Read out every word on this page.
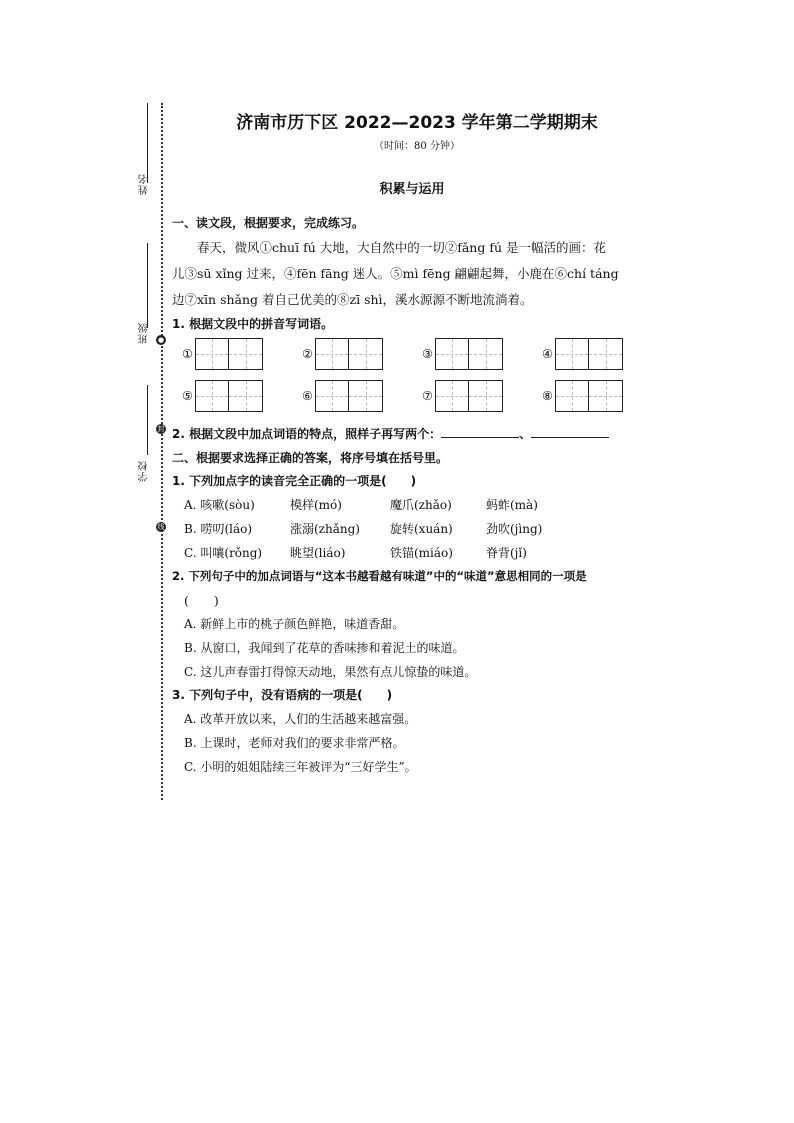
姓名
班级
学校
●
封
线
济南市历下区 2022—2023 学年第二学期期末
（时间：80 分钟）
积累与运用
一、读文段，根据要求，完成练习。
　　春天，微风①chuī fú 大地，大自然中的一切②fǎng fú 是一幅活的画：花
儿③sū xǐng 过来，④fēn fāng 迷人。⑤mì fēng 翩翩起舞，小鹿在⑥chí táng
边⑦xīn shǎng 着自己优美的⑧zī shì，溪水源源不断地流淌着。
1. 根据文段中的拼音写词语。
①	②	③	④
⑤	⑥	⑦	⑧
2. 根据文段中加点词语的特点，照样子再写两个：	、
二、根据要求选择正确的答案，将序号填在括号里。
1. 下列加点字的读音完全正确的一项是(　　)
A. 咳嗽(sòu)	模样(mó)	魔爪(zhǎo)	蚂蚱(mà)
B. 唠叨(láo)	涨溺(zhǎng)	旋转(xuán)	劲吹(jìng)
C. 叫嚷(rǒng) 眺望(liáo)	铁锚(miáo)	脊背(jǐ)
2. 下列句子中的加点词语与“这本书越看越有味道”中的“味道”意思相同的一项是
(　　)
A. 新鲜上市的桃子颜色鲜艳，味道香甜。
B. 从窗口，我闻到了花草的香味掺和着泥土的味道。
C. 这儿声春雷打得惊天动地，果然有点儿惊蛰的味道。
3. 下列句子中，没有语病的一项是(　　)
A. 改革开放以来，人们的生活越来越富强。
B. 上课时，老师对我们的要求非常严格。
C. 小明的姐姐陆续三年被评为“三好学生”。
